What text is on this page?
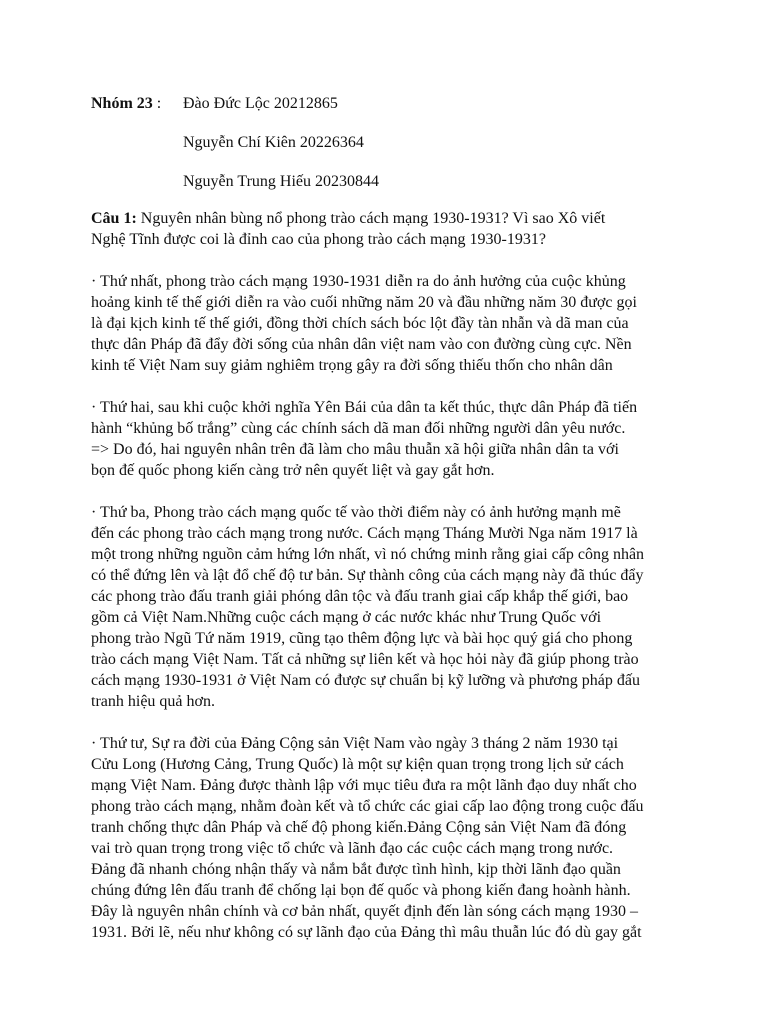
Nhóm 23 : Đào Đức Lộc 20212865
Nguyễn Chí Kiên 20226364
Nguyễn Trung Hiếu 20230844
Câu 1: Nguyên nhân bùng nổ phong trào cách mạng 1930-1931? Vì sao Xô viết
Nghệ Tĩnh được coi là đỉnh cao của phong trào cách mạng 1930-1931?
· Thứ nhất, phong trào cách mạng 1930-1931 diễn ra do ảnh hưởng của cuộc khủng
hoảng kinh tế thế giới diễn ra vào cuối những năm 20 và đầu những năm 30 được gọi
là đại kịch kinh tế thế giới, đồng thời chích sách bóc lột đầy tàn nhẫn và dã man của
thực dân Pháp đã đẩy đời sống của nhân dân việt nam vào con đường cùng cực. Nền
kinh tế Việt Nam suy giảm nghiêm trọng gây ra đời sống thiếu thốn cho nhân dân
· Thứ hai, sau khi cuộc khởi nghĩa Yên Bái của dân ta kết thúc, thực dân Pháp đã tiến
hành “khủng bố trắng” cùng các chính sách dã man đối những người dân yêu nước.
=> Do đó, hai nguyên nhân trên đã làm cho mâu thuẫn xã hội giữa nhân dân ta với
bọn đế quốc phong kiến càng trở nên quyết liệt và gay gắt hơn.
· Thứ ba, Phong trào cách mạng quốc tế vào thời điểm này có ảnh hưởng mạnh mẽ
đến các phong trào cách mạng trong nước. Cách mạng Tháng Mười Nga năm 1917 là
một trong những nguồn cảm hứng lớn nhất, vì nó chứng minh rằng giai cấp công nhân
có thể đứng lên và lật đổ chế độ tư bản. Sự thành công của cách mạng này đã thúc đẩy
các phong trào đấu tranh giải phóng dân tộc và đấu tranh giai cấp khắp thế giới, bao
gồm cả Việt Nam.Những cuộc cách mạng ở các nước khác như Trung Quốc với
phong trào Ngũ Tứ năm 1919, cũng tạo thêm động lực và bài học quý giá cho phong
trào cách mạng Việt Nam. Tất cả những sự liên kết và học hỏi này đã giúp phong trào
cách mạng 1930-1931 ở Việt Nam có được sự chuẩn bị kỹ lưỡng và phương pháp đấu
tranh hiệu quả hơn.
· Thứ tư, Sự ra đời của Đảng Cộng sản Việt Nam vào ngày 3 tháng 2 năm 1930 tại
Cửu Long (Hương Cảng, Trung Quốc) là một sự kiện quan trọng trong lịch sử cách
mạng Việt Nam. Đảng được thành lập với mục tiêu đưa ra một lãnh đạo duy nhất cho
phong trào cách mạng, nhằm đoàn kết và tổ chức các giai cấp lao động trong cuộc đấu
tranh chống thực dân Pháp và chế độ phong kiến.Đảng Cộng sản Việt Nam đã đóng
vai trò quan trọng trong việc tổ chức và lãnh đạo các cuộc cách mạng trong nước.
Đảng đã nhanh chóng nhận thấy và nắm bắt được tình hình, kịp thời lãnh đạo quần
chúng đứng lên đấu tranh để chống lại bọn đế quốc và phong kiến đang hoành hành.
Đây là nguyên nhân chính và cơ bản nhất, quyết định đến làn sóng cách mạng 1930 –
1931. Bởi lẽ, nếu như không có sự lãnh đạo của Đảng thì mâu thuẫn lúc đó dù gay gắt
